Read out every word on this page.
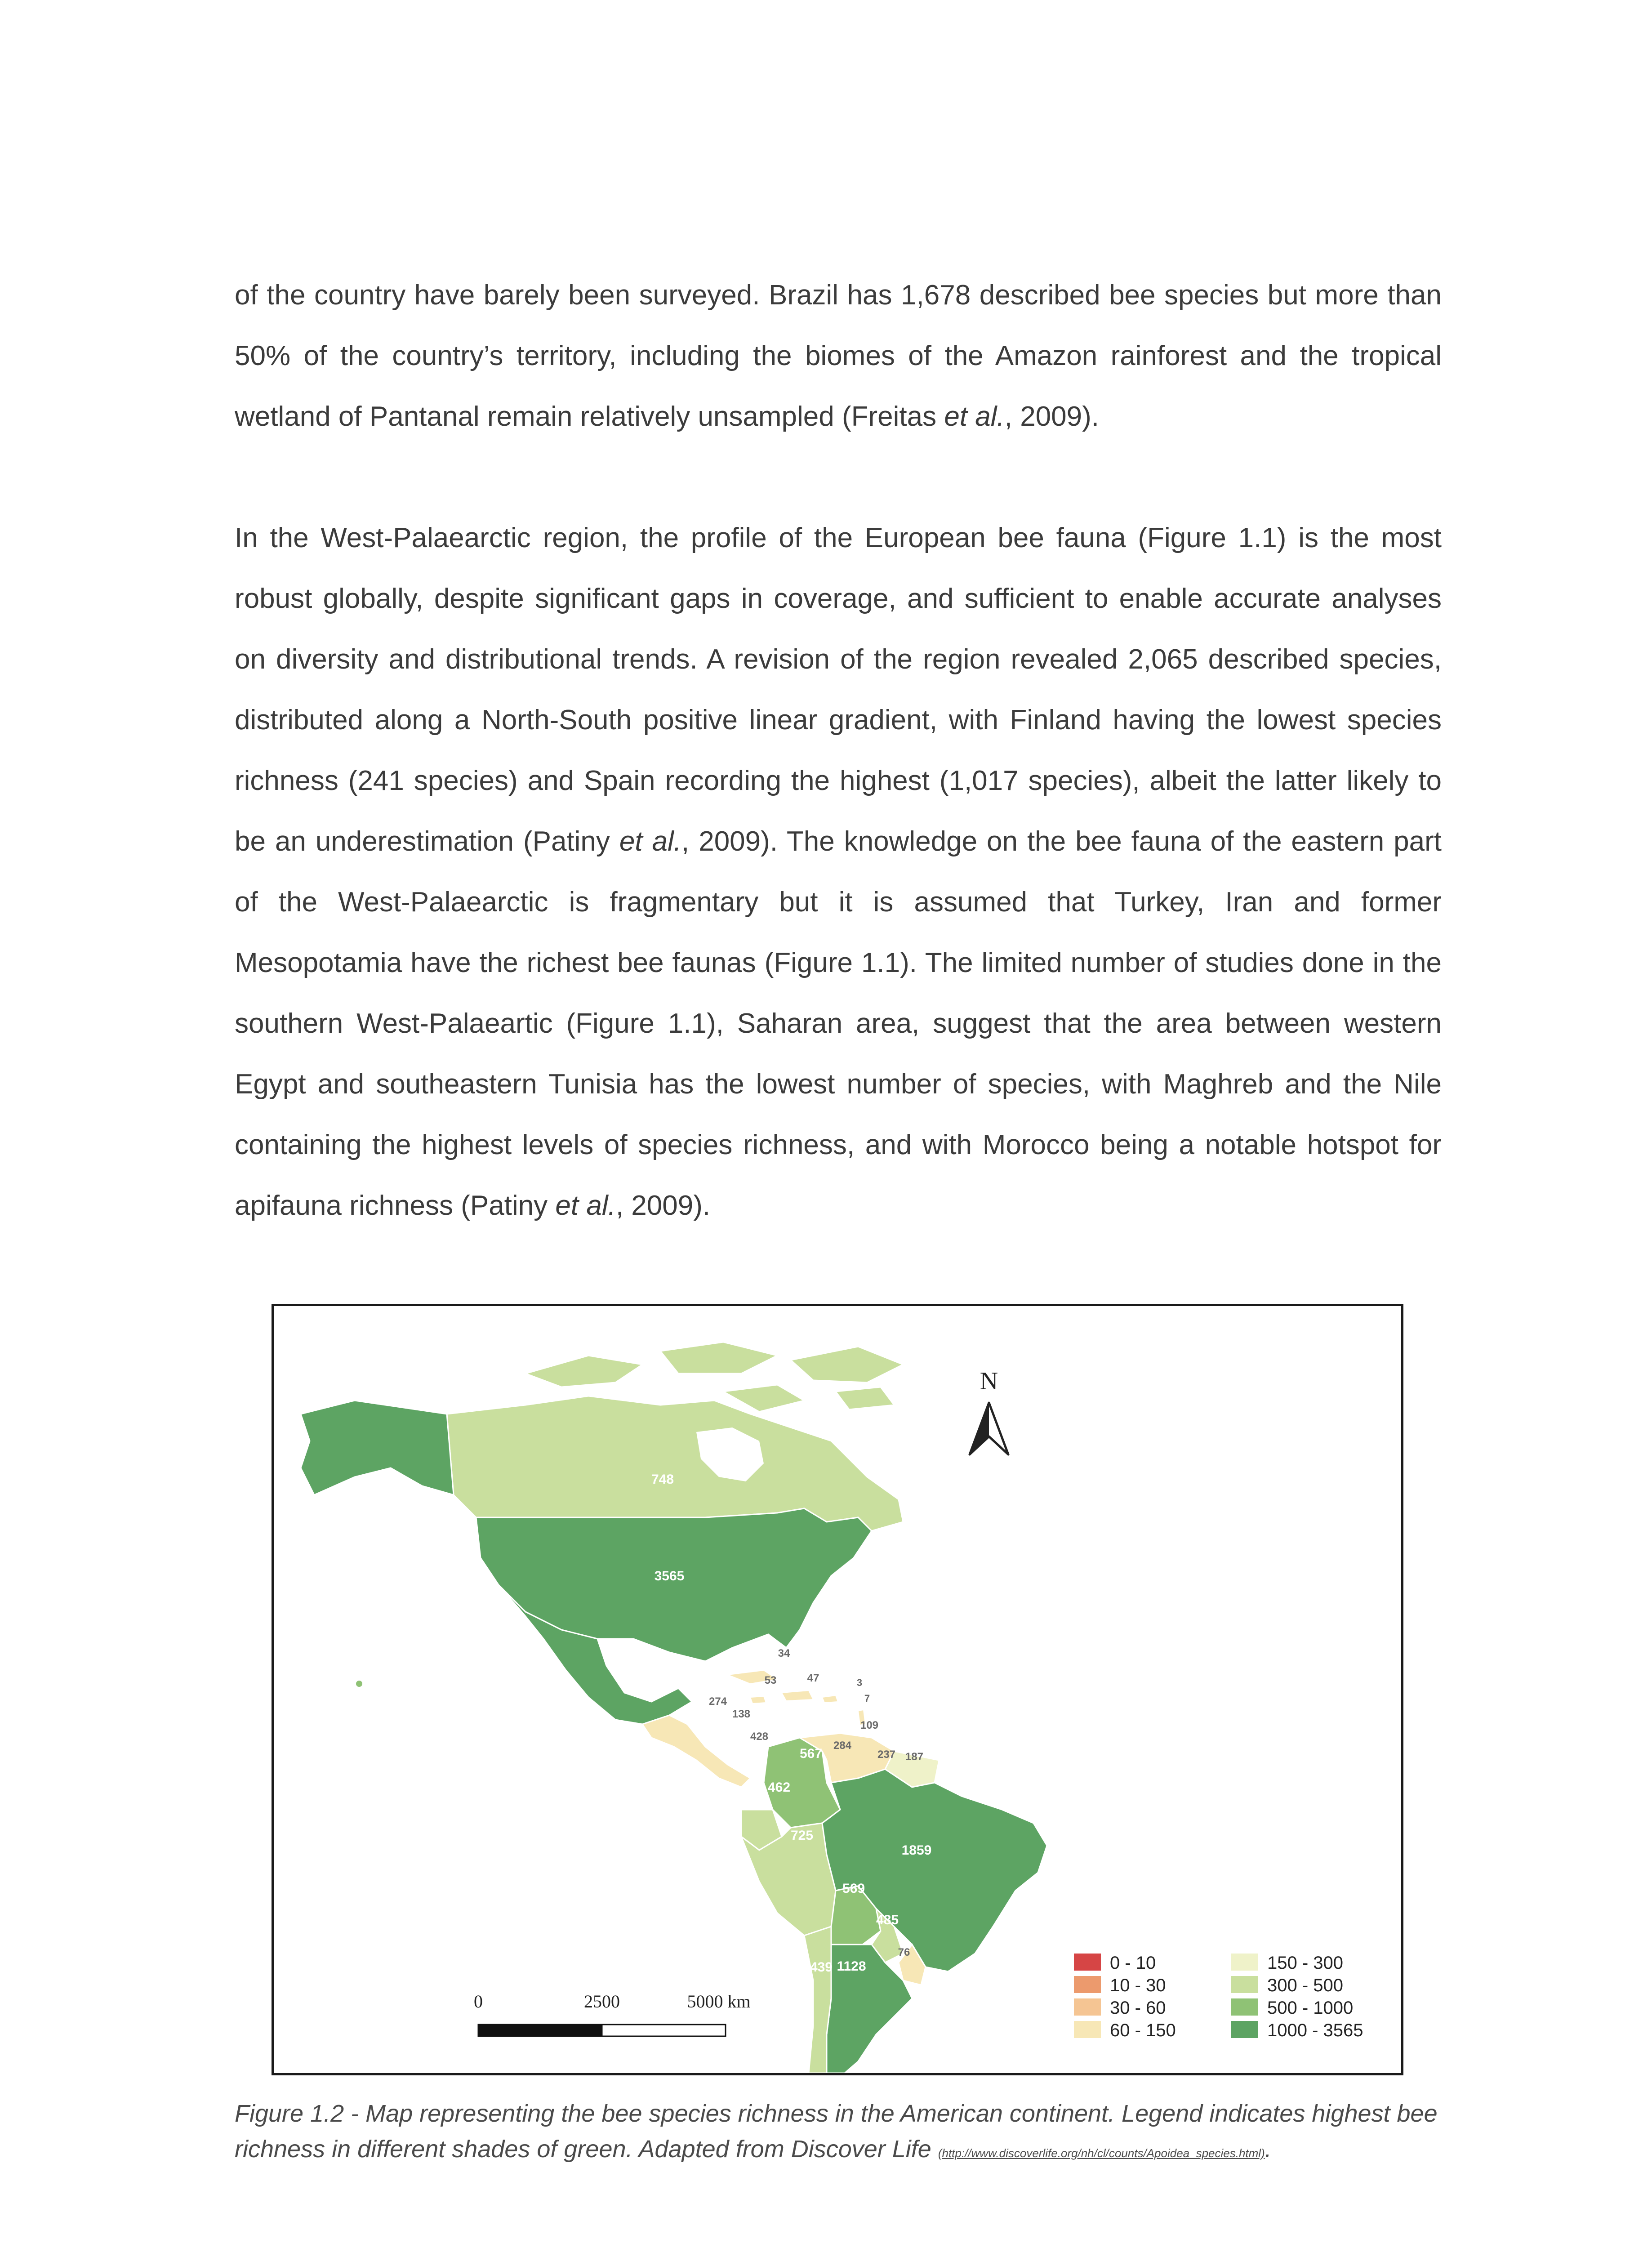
of the country have barely been surveyed. Brazil has 1,678 described bee species but more than 50% of the country’s territory, including the biomes of the Amazon rainforest and the tropical wetland of Pantanal remain relatively unsampled (Freitas et al., 2009).

In the West-Palaearctic region, the profile of the European bee fauna (Figure 1.1) is the most robust globally, despite significant gaps in coverage, and sufficient to enable accurate analyses on diversity and distributional trends. A revision of the region revealed 2,065 described species, distributed along a North-South positive linear gradient, with Finland having the lowest species richness (241 species) and Spain recording the highest (1,017 species), albeit the latter likely to be an underestimation (Patiny et al., 2009). The knowledge on the bee fauna of the eastern part of the West-Palaearctic is fragmentary but it is assumed that Turkey, Iran and former Mesopotamia have the richest bee faunas (Figure 1.1). The limited number of studies done in the southern West-Palaeartic (Figure 1.1), Saharan area, suggest that the area between western Egypt and southeastern Tunisia has the lowest number of species, with Maghreb and the Nile containing the highest levels of species richness, and with Morocco being a notable hotspot for apifauna richness (Patiny et al., 2009).

748
3565
1850	34
53	47	3
7
274
138
428
109
284
237 187
567
462
725
1859
569
485
76
439 1128
N
0 - 10
10 - 30
30 - 60
60 - 150
150 - 300
300 - 500
500 - 1000
1000 - 3565
0	2500	5000 km
Figure 1.2 - Map representing the bee species richness in the American continent. Legend indicates highest bee richness in different shades of green. Adapted from Discover Life (http://www.discoverlife.org/nh/cl/counts/Apoidea_species.html).
